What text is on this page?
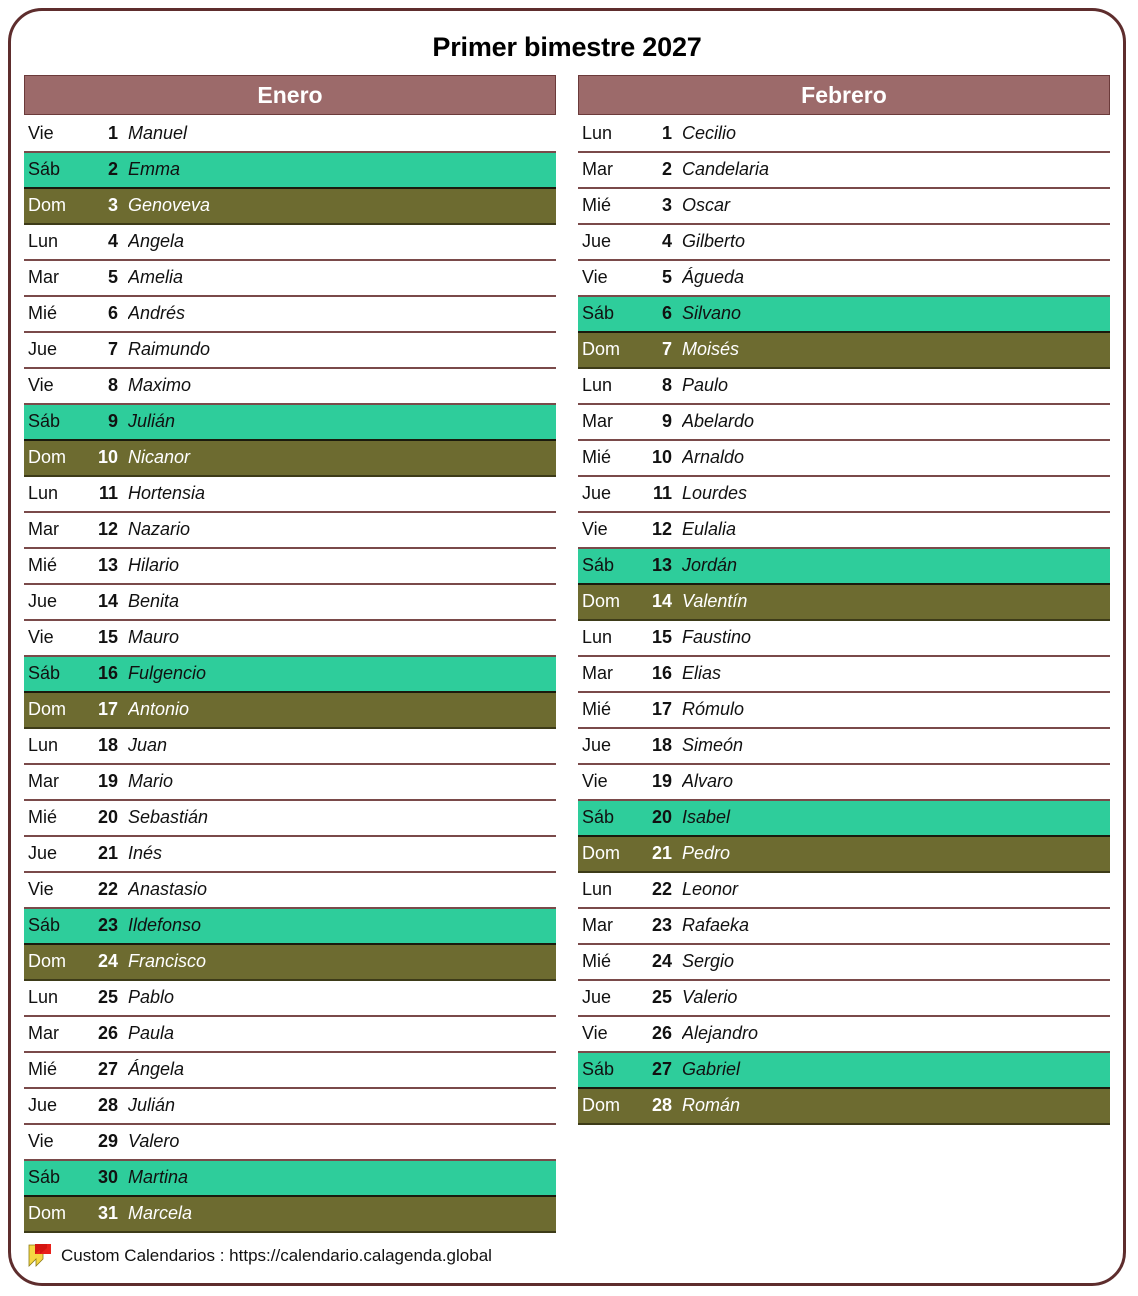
Primer bimestre 2027
Enero
Vie	1 Manuel
Sáb	2 Emma
Dom	3 Genoveva
Lun	4 Angela
Mar	5 Amelia
Mié	6 Andrés
Jue	7 Raimundo
Vie	8 Maximo
Sáb	9 Julián
Dom	10 Nicanor
Lun	11 Hortensia
Mar	12 Nazario
Mié	13 Hilario
Jue	14 Benita
Vie	15 Mauro
Sáb	16 Fulgencio
Dom	17 Antonio
Lun	18 Juan
Mar	19 Mario
Mié	20 Sebastián
Jue	21 Inés
Vie	22 Anastasio
Sáb	23 Ildefonso
Dom	24 Francisco
Lun	25 Pablo
Mar	26 Paula
Mié	27 Ángela
Jue	28 Julián
Vie	29 Valero
Sáb	30 Martina
Dom	31 Marcela
Febrero
Lun	1 Cecilio
Mar	2 Candelaria
Mié	3 Oscar
Jue	4 Gilberto
Vie	5 Águeda
Sáb	6 Silvano
Dom	7 Moisés
Lun	8 Paulo
Mar	9 Abelardo
Mié	10 Arnaldo
Jue	11 Lourdes
Vie	12 Eulalia
Sáb	13 Jordán
Dom	14 Valentín
Lun	15 Faustino
Mar	16 Elias
Mié	17 Rómulo
Jue	18 Simeón
Vie	19 Alvaro
Sáb	20 Isabel
Dom	21 Pedro
Lun	22 Leonor
Mar	23 Rafaeka
Mié	24 Sergio
Jue	25 Valerio
Vie	26 Alejandro
Sáb	27 Gabriel
Dom	28 Román
Custom Calendarios : https://calendario.calagenda.global
